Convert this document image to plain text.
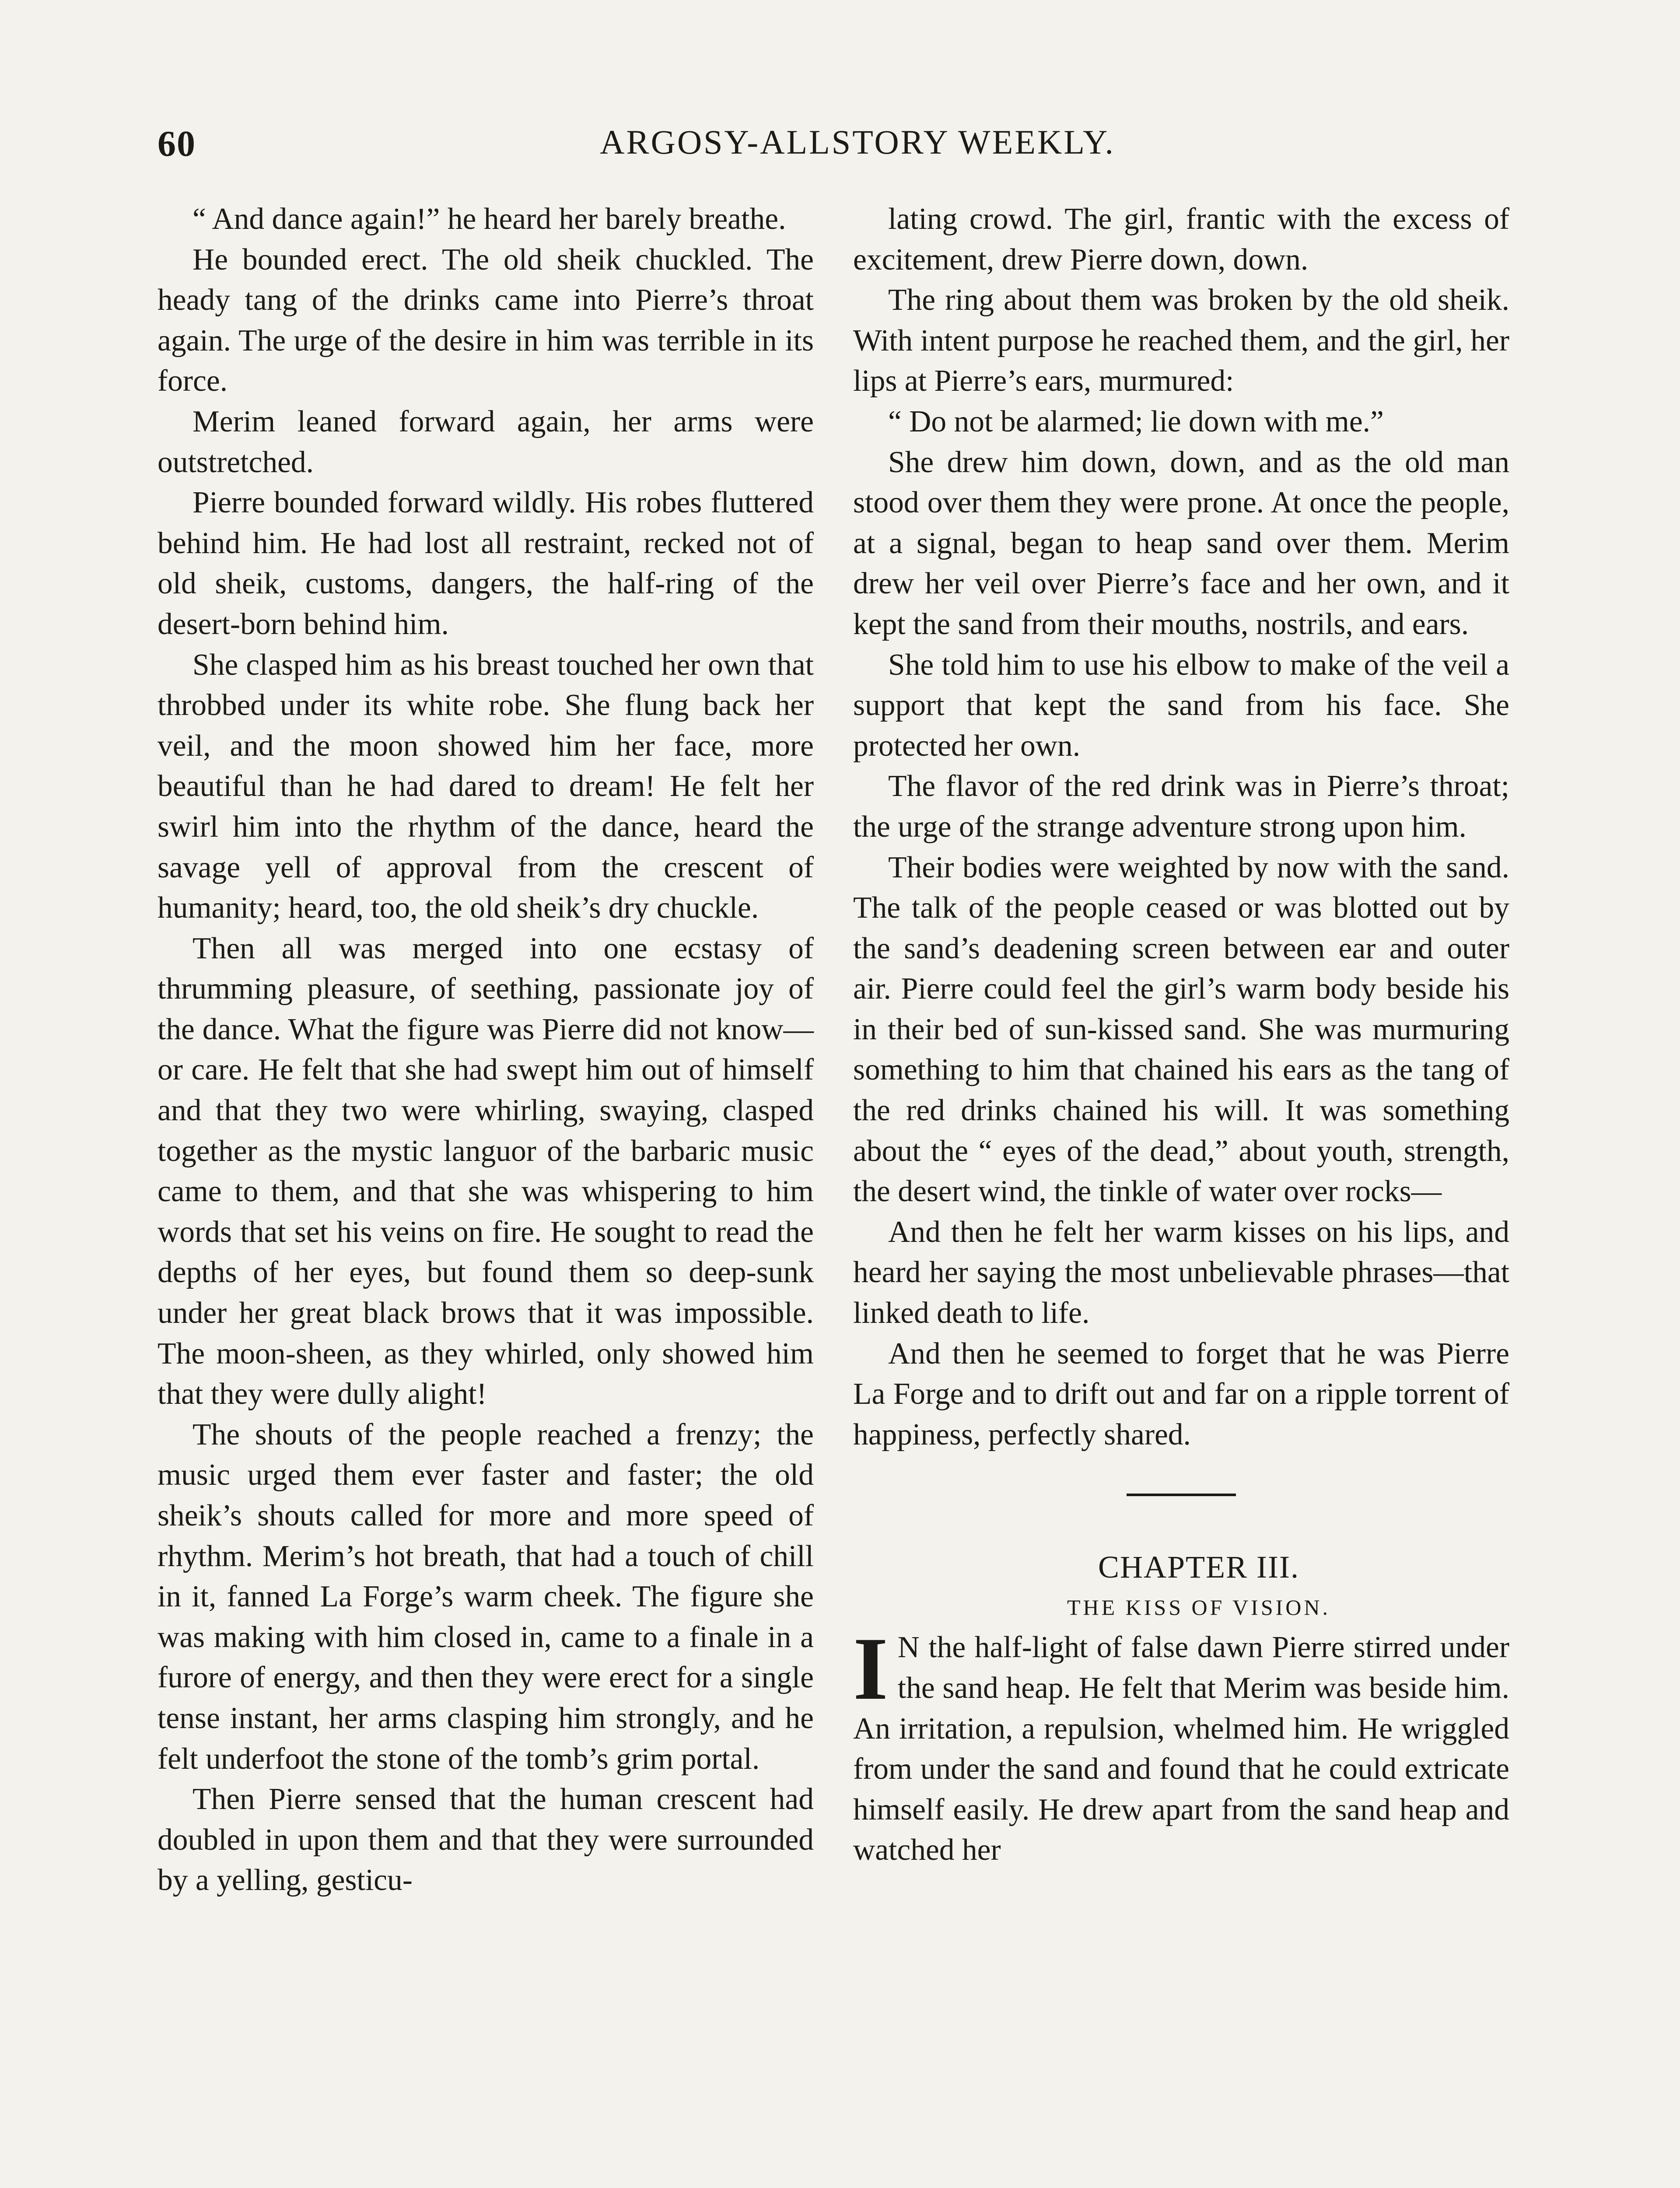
60	ARGOSY-ALLSTORY WEEKLY.

“ And dance again!” he heard her barely breathe.

He bounded erect. The old sheik chuckled. The heady tang of the drinks came into Pierre’s throat again. The urge of the desire in him was terrible in its force.

Merim leaned forward again, her arms were outstretched.

Pierre bounded forward wildly. His robes fluttered behind him. He had lost all restraint, recked not of old sheik, customs, dangers, the half-ring of the desert-born behind him.

She clasped him as his breast touched her own that throbbed under its white robe. She flung back her veil, and the moon showed him her face, more beautiful than he had dared to dream! He felt her swirl him into the rhythm of the dance, heard the savage yell of approval from the crescent of humanity; heard, too, the old sheik’s dry chuckle.

Then all was merged into one ecstasy of thrumming pleasure, of seething, passionate joy of the dance. What the figure was Pierre did not know—or care. He felt that she had swept him out of himself and that they two were whirling, swaying, clasped together as the mystic languor of the barbaric music came to them, and that she was whispering to him words that set his veins on fire. He sought to read the depths of her eyes, but found them so deep-sunk under her great black brows that it was impossible. The moon-sheen, as they whirled, only showed him that they were dully alight!

The shouts of the people reached a frenzy; the music urged them ever faster and faster; the old sheik’s shouts called for more and more speed of rhythm. Merim’s hot breath, that had a touch of chill in it, fanned La Forge’s warm cheek. The figure she was making with him closed in, came to a finale in a furore of energy, and then they were erect for a single tense instant, her arms clasping him strongly, and he felt underfoot the stone of the tomb’s grim portal.

Then Pierre sensed that the human crescent had doubled in upon them and that they were surrounded by a yelling, gesticu-

lating crowd. The girl, frantic with the excess of excitement, drew Pierre down, down.

The ring about them was broken by the old sheik. With intent purpose he reached them, and the girl, her lips at Pierre’s ears, murmured:

“ Do not be alarmed; lie down with me.”

She drew him down, down, and as the old man stood over them they were prone. At once the people, at a signal, began to heap sand over them. Merim drew her veil over Pierre’s face and her own, and it kept the sand from their mouths, nostrils, and ears.

She told him to use his elbow to make of the veil a support that kept the sand from his face. She protected her own.

The flavor of the red drink was in Pierre’s throat; the urge of the strange adventure strong upon him.

Their bodies were weighted by now with the sand. The talk of the people ceased or was blotted out by the sand’s deadening screen between ear and outer air. Pierre could feel the girl’s warm body beside his in their bed of sun-kissed sand. She was murmuring something to him that chained his ears as the tang of the red drinks chained his will. It was something about the “ eyes of the dead,” about youth, strength, the desert wind, the tinkle of water over rocks—

And then he felt her warm kisses on his lips, and heard her saying the most unbelievable phrases—that linked death to life.

And then he seemed to forget that he was Pierre La Forge and to drift out and far on a ripple torrent of happiness, perfectly shared.

CHAPTER III.

THE KISS OF VISION.

I N the half-light of false dawn Pierre stirred under the sand heap. He felt that Merim was beside him. An irritation, a repulsion, whelmed him. He wriggled from under the sand and found that he could extricate himself easily. He drew apart from the sand heap and watched her
